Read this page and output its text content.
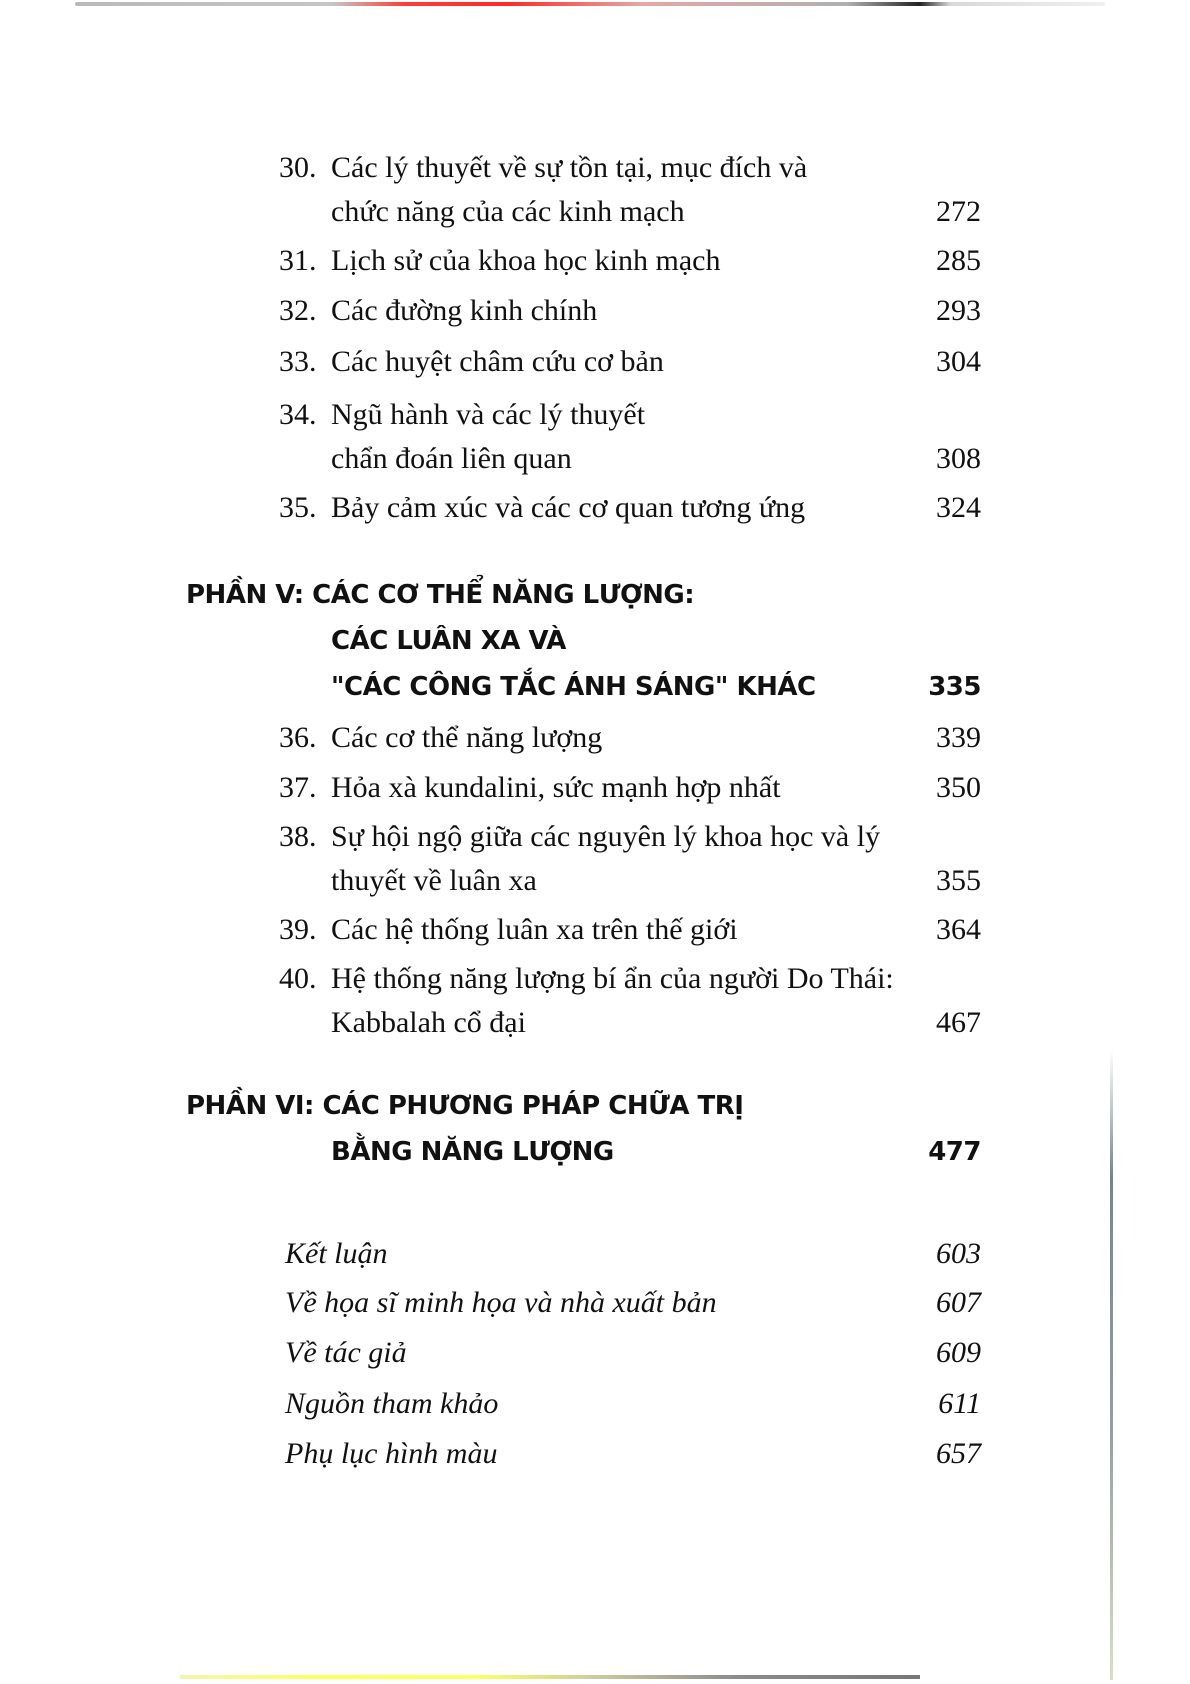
30. Các lý thuyết về sự tồn tại, mục đích và
chức năng của các kinh mạch	272
31. Lịch sử của khoa học kinh mạch	285
32. Các đường kinh chính	293
33. Các huyệt châm cứu cơ bản	304
34. Ngũ hành và các lý thuyết
chẩn đoán liên quan	308
35. Bảy cảm xúc và các cơ quan tương ứng	324
PHẦN V: CÁC CƠ THỂ NĂNG LƯỢNG:
CÁC LUÂN XA VÀ
"CÁC CÔNG TẮC ÁNH SÁNG" KHÁC	335
36. Các cơ thể năng lượng	339
37. Hỏa xà kundalini, sức mạnh hợp nhất	350
38. Sự hội ngộ giữa các nguyên lý khoa học và lý
thuyết về luân xa	355
39. Các hệ thống luân xa trên thế giới	364
40. Hệ thống năng lượng bí ẩn của người Do Thái:
Kabbalah cổ đại	467
PHẦN VI: CÁC PHƯƠNG PHÁP CHỮA TRỊ
BẰNG NĂNG LƯỢNG	477
Kết luận	603
Về họa sĩ minh họa và nhà xuất bản	607
Về tác giả	609
Nguồn tham khảo	611
Phụ lục hình màu	657
